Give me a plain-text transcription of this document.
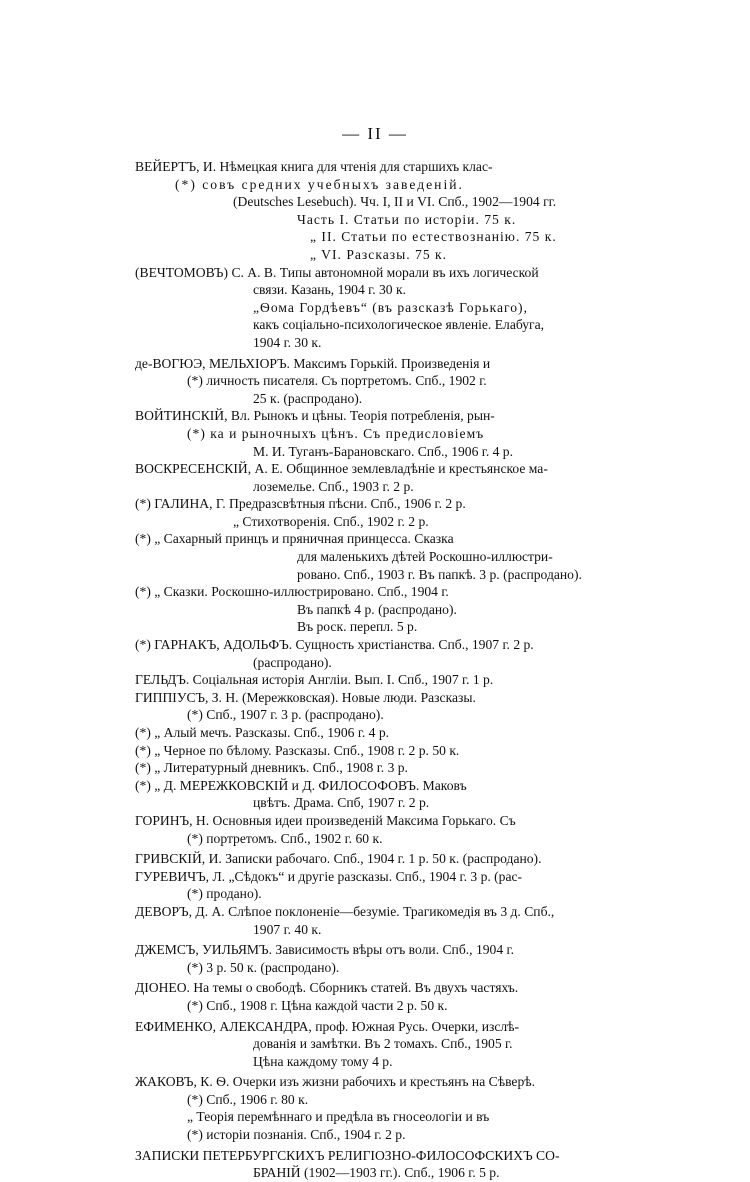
— II —
ВЕЙЕРТЪ, И. Нѣмецкая книга для чтенія для старшихъ клас-
(*) совъ средних учебныхъ заведеній.
(Deutsches Lesebuch). Чч. I, II и VI. Спб., 1902—1904 гг.
Часть I. Статьи по исторіи. 75 к.
„ II. Статьи по естествознанію. 75 к.
„ VI. Разсказы. 75 к.
(ВЕЧТОМОВЪ) С. А. В. Типы автономной морали въ ихъ логической
связи. Казань, 1904 г. 30 к.
„Ѳома Гордѣевъ“ (въ разсказѣ Горькаго),
какъ соціально-психологическое явленіе. Елабуга,
1904 г. 30 к.
де-ВОГЮЭ, МЕЛЬХІОРЪ. Максимъ Горькій. Произведенія и
(*) личность писателя. Съ портретомъ. Спб., 1902 г.
25 к. (распродано).
ВОЙТИНСКІЙ, Вл. Рынокъ и цѣны. Теорія потребленія, рын-
(*) ка и рыночныхъ цѣнъ. Съ предисловіемъ
М. И. Туганъ-Барановскаго. Спб., 1906 г. 4 р.
ВОСКРЕСЕНСКІЙ, А. Е. Общинное землевладѣніе и крестьянское ма-
лоземелье. Спб., 1903 г. 2 р.
(*) ГАЛИНА, Г. Предразсвѣтныя пѣсни. Спб., 1906 г. 2 р.
„ Стихотворенія. Спб., 1902 г. 2 р.
(*) „ Сахарный принцъ и пряничная принцесса. Сказка
для маленькихъ дѣтей Роскошно-иллюстри-
ровано. Спб., 1903 г. Въ папкѣ. 3 р. (распродано).
(*) „ Сказки. Роскошно-иллюстрировано. Спб., 1904 г.
Въ папкѣ 4 р. (распродано).
Въ роск. перепл. 5 р.
(*) ГАРНАКЪ, АДОЛЬФЪ. Сущность христіанства. Спб., 1907 г. 2 р.
(распродано).
ГЕЛЬДЪ. Соціальная исторія Англіи. Вып. I. Спб., 1907 г. 1 р.
ГИППІУСЪ, З. Н. (Мережковская). Новые люди. Разсказы.
(*) Спб., 1907 г. 3 р. (распродано).
(*) „ Алый мечъ. Разсказы. Спб., 1906 г. 4 р.
(*) „ Черное по бѣлому. Разсказы. Спб., 1908 г. 2 р. 50 к.
(*) „ Литературный дневникъ. Спб., 1908 г. 3 р.
(*) „ Д. МЕРЕЖКОВСКІЙ и Д. ФИЛОСОФОВЪ. Маковъ
цвѣтъ. Драма. Спб, 1907 г. 2 р.
ГОРИНЪ, Н. Основныя идеи произведеній Максима Горькаго. Съ
(*) портретомъ. Спб., 1902 г. 60 к.
ГРИВСКІЙ, И. Записки рабочаго. Спб., 1904 г. 1 р. 50 к. (распродано).
ГУРЕВИЧЪ, Л. „Сѣдокъ“ и другіе разсказы. Спб., 1904 г. 3 р. (рас-
(*) продано).
ДЕВОРЪ, Д. А. Слѣпое поклоненіе—безуміе. Трагикомедія въ 3 д. Спб.,
1907 г. 40 к.
ДЖЕМСЪ, УИЛЬЯМЪ. Зависимость вѣры отъ воли. Спб., 1904 г.
(*) 3 р. 50 к. (распродано).
ДІОНЕО. На темы о свободѣ. Сборникъ статей. Въ двухъ частяхъ.
(*) Спб., 1908 г. Цѣна каждой части 2 р. 50 к.
ЕФИМЕНКО, АЛЕКСАНДРА, проф. Южная Русь. Очерки, изслѣ-
дованія и замѣтки. Въ 2 томахъ. Спб., 1905 г.
Цѣна каждому тому 4 р.
ЖАКОВЪ, К. Ѳ. Очерки изъ жизни рабочихъ и крестьянъ на Сѣверѣ.
(*) Спб., 1906 г. 80 к.
„ Теорія перемѣннаго и предѣла въ гносеологіи и въ
(*) исторіи познанія. Спб., 1904 г. 2 р.
ЗАПИСКИ ПЕТЕРБУРГСКИХЪ РЕЛИГІОЗНО-ФИЛОСОФСКИХЪ СО-
БРАНІЙ (1902—1903 гг.). Спб., 1906 г. 5 р.
